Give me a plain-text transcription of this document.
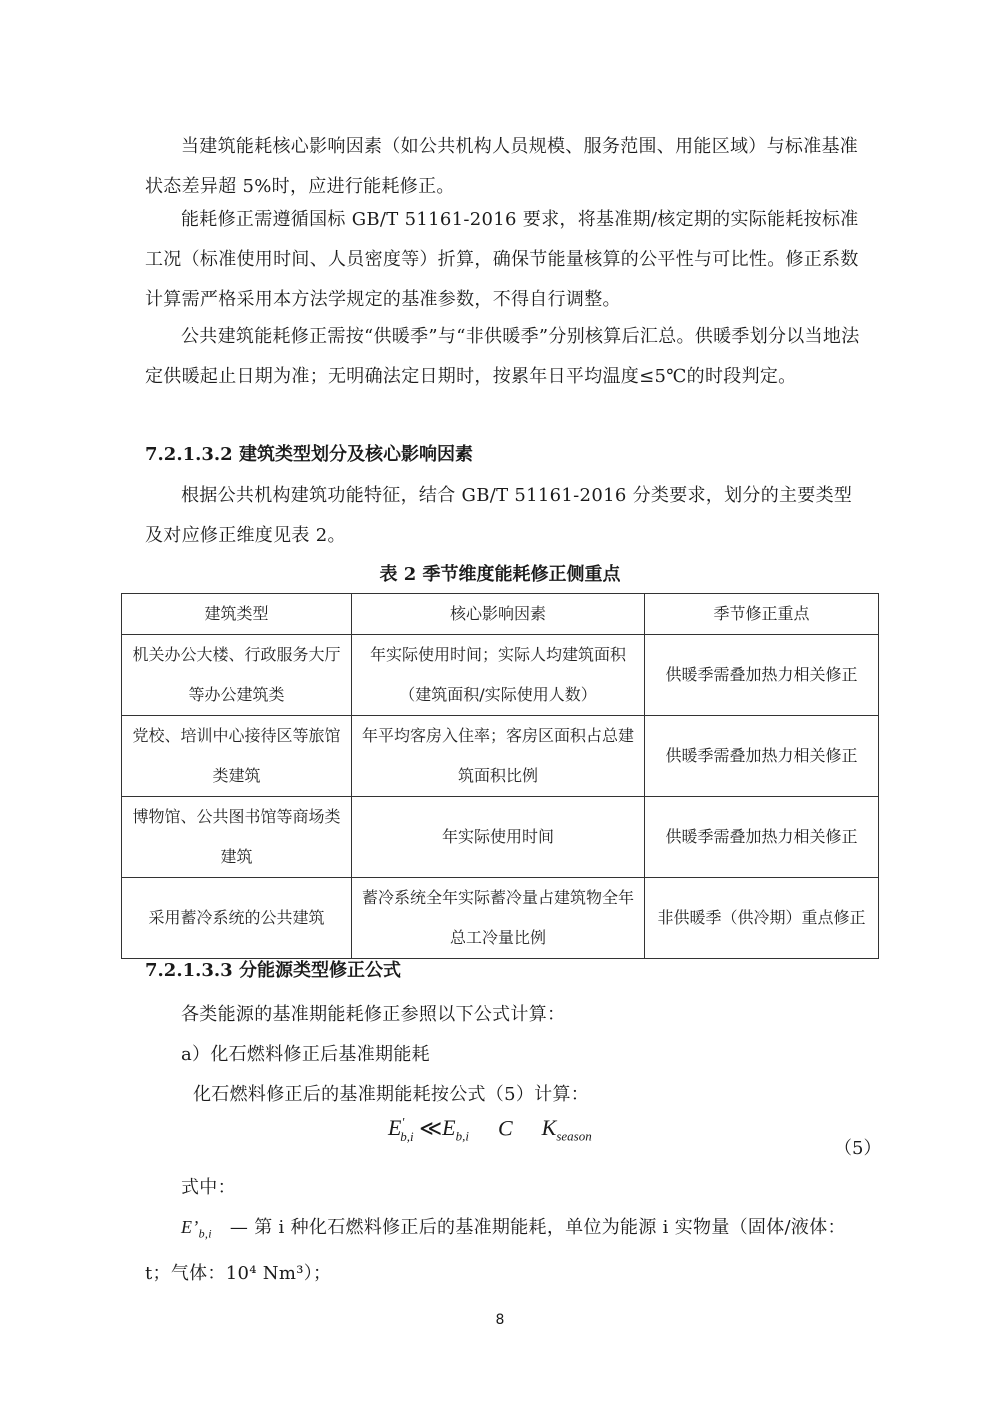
当建筑能耗核心影响因素（如公共机构人员规模、服务范围、用能区域）与标准基准状态差异超 5%时，应进行能耗修正。

能耗修正需遵循国标 GB/T 51161-2016 要求，将基准期/核定期的实际能耗按标准工况（标准使用时间、人员密度等）折算，确保节能量核算的公平性与可比性。修正系数计算需严格采用本方法学规定的基准参数，不得自行调整。

公共建筑能耗修正需按“供暖季”与“非供暖季”分别核算后汇总。供暖季划分以当地法定供暖起止日期为准；无明确法定日期时，按累年日平均温度≤5℃的时段判定。

7.2.1.3.2 建筑类型划分及核心影响因素

根据公共机构建筑功能特征，结合 GB/T 51161-2016 分类要求，划分的主要类型及对应修正维度见表 2。

表 2 季节维度能耗修正侧重点

建筑类型	核心影响因素	季节修正重点
机关办公大楼、行政服务大厅等办公建筑类	年实际使用时间；实际人均建筑面积（建筑面积/实际使用人数）	供暖季需叠加热力相关修正
党校、培训中心接待区等旅馆类建筑	年平均客房入住率；客房区面积占总建筑面积比例	供暖季需叠加热力相关修正
博物馆、公共图书馆等商场类建筑	年实际使用时间	供暖季需叠加热力相关修正
采用蓄冷系统的公共建筑	蓄冷系统全年实际蓄冷量占建筑物全年总工冷量比例	非供暖季（供冷期）重点修正
7.2.1.3.3 分能源类型修正公式

各类能源的基准期能耗修正参照以下公式计算：

a）化石燃料修正后基准期能耗

化石燃料修正后的基准期能耗按公式（5）计算：

$E'_{b,i}$ $≪E_{b,i}$ C $K_{season}$
（5）

式中：

$E’_{b,i}$ — 第 i 种化石燃料修正后的基准期能耗，单位为能源 i 实物量（固体/液体：t；气体：10⁴ Nm³）；

8
